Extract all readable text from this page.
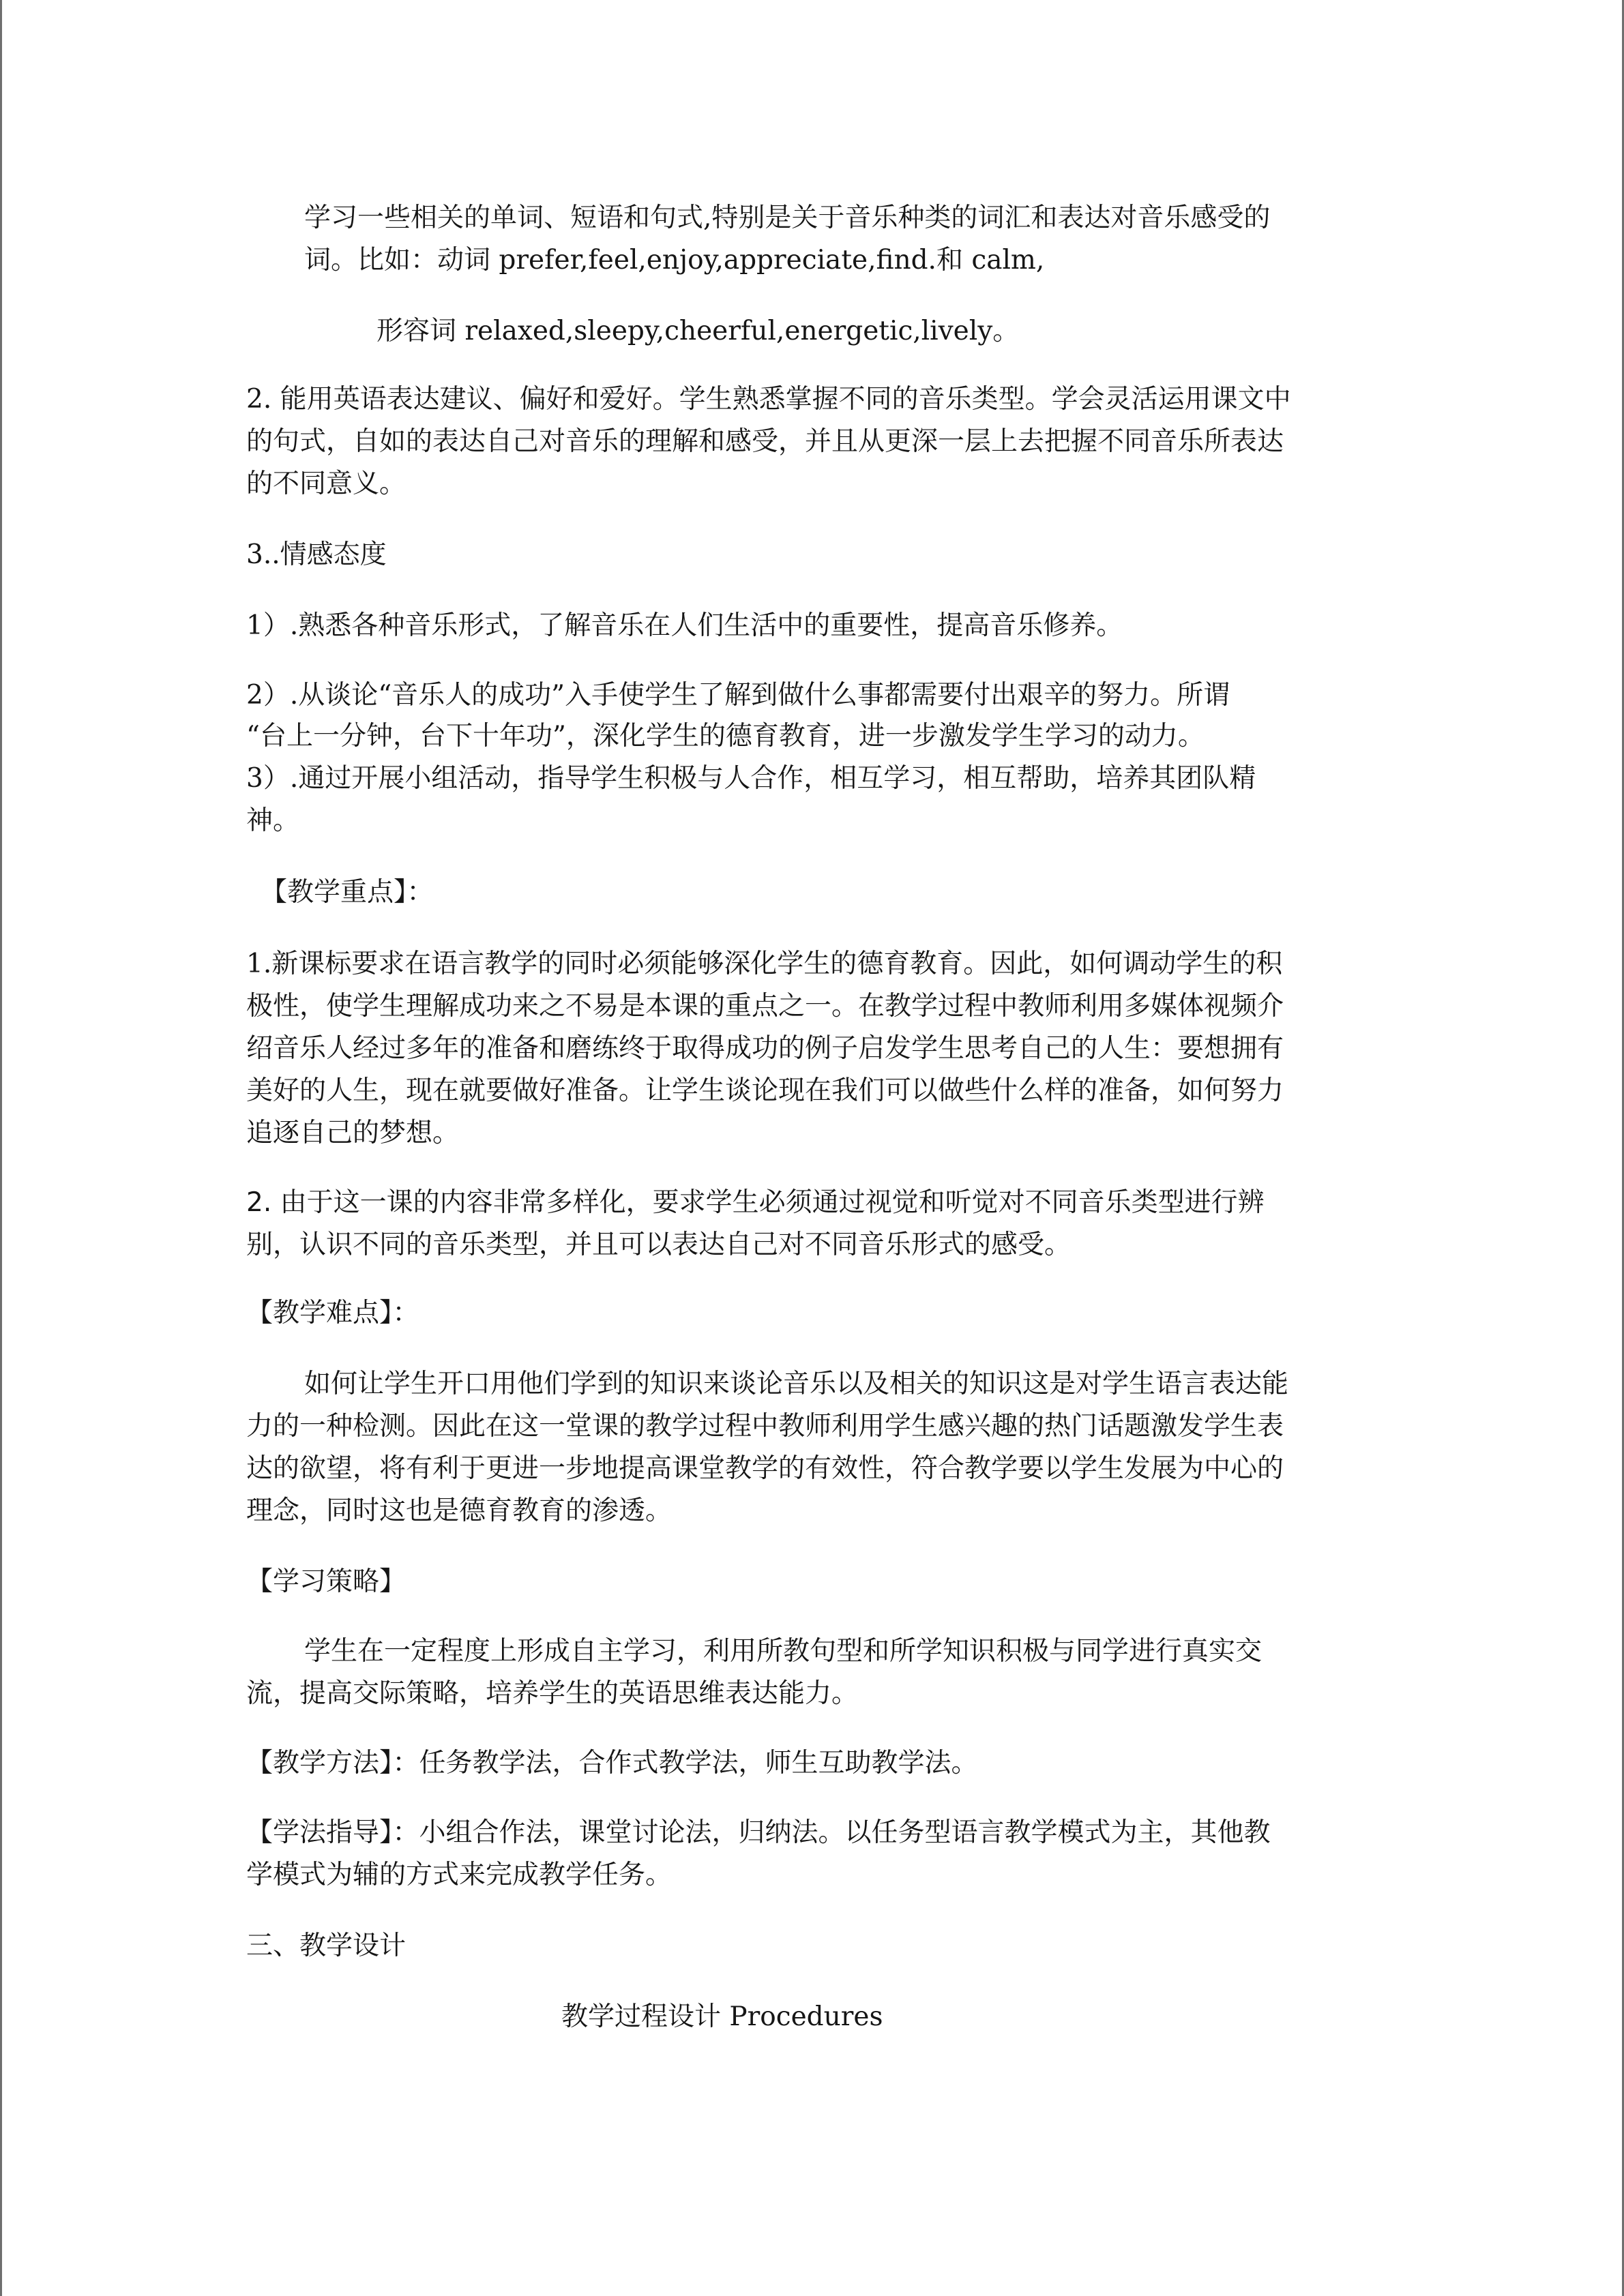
学习一些相关的单词、短语和句式,特别是关于音乐种类的词汇和表达对音乐感受的
词。比如：动词 prefer,feel,enjoy,appreciate,find.和 calm,
形容词 relaxed,sleepy,cheerful,energetic,lively。
2. 能用英语表达建议、偏好和爱好。学生熟悉掌握不同的音乐类型。学会灵活运用课文中
的句式，自如的表达自己对音乐的理解和感受，并且从更深一层上去把握不同音乐所表达
的不同意义。
3..情感态度
1）.熟悉各种音乐形式，了解音乐在人们生活中的重要性，提高音乐修养。
2）.从谈论“音乐人的成功”入手使学生了解到做什么事都需要付出艰辛的努力。所谓
“台上一分钟，台下十年功”，深化学生的德育教育，进一步激发学生学习的动力。
3）.通过开展小组活动，指导学生积极与人合作，相互学习，相互帮助，培养其团队精
神。
【教学重点】：
1.新课标要求在语言教学的同时必须能够深化学生的德育教育。因此，如何调动学生的积
极性，使学生理解成功来之不易是本课的重点之一。在教学过程中教师利用多媒体视频介
绍音乐人经过多年的准备和磨练终于取得成功的例子启发学生思考自己的人生：要想拥有
美好的人生，现在就要做好准备。让学生谈论现在我们可以做些什么样的准备，如何努力
追逐自己的梦想。
2. 由于这一课的内容非常多样化，要求学生必须通过视觉和听觉对不同音乐类型进行辨
别，认识不同的音乐类型，并且可以表达自己对不同音乐形式的感受。
【教学难点】：
如何让学生开口用他们学到的知识来谈论音乐以及相关的知识这是对学生语言表达能
力的一种检测。因此在这一堂课的教学过程中教师利用学生感兴趣的热门话题激发学生表
达的欲望，将有利于更进一步地提高课堂教学的有效性，符合教学要以学生发展为中心的
理念，同时这也是德育教育的渗透。
【学习策略】
学生在一定程度上形成自主学习，利用所教句型和所学知识积极与同学进行真实交
流，提高交际策略，培养学生的英语思维表达能力。
【教学方法】：任务教学法，合作式教学法，师生互助教学法。
【学法指导】：小组合作法，课堂讨论法，归纳法。以任务型语言教学模式为主，其他教
学模式为辅的方式来完成教学任务。
三、教学设计
教学过程设计 Procedures
